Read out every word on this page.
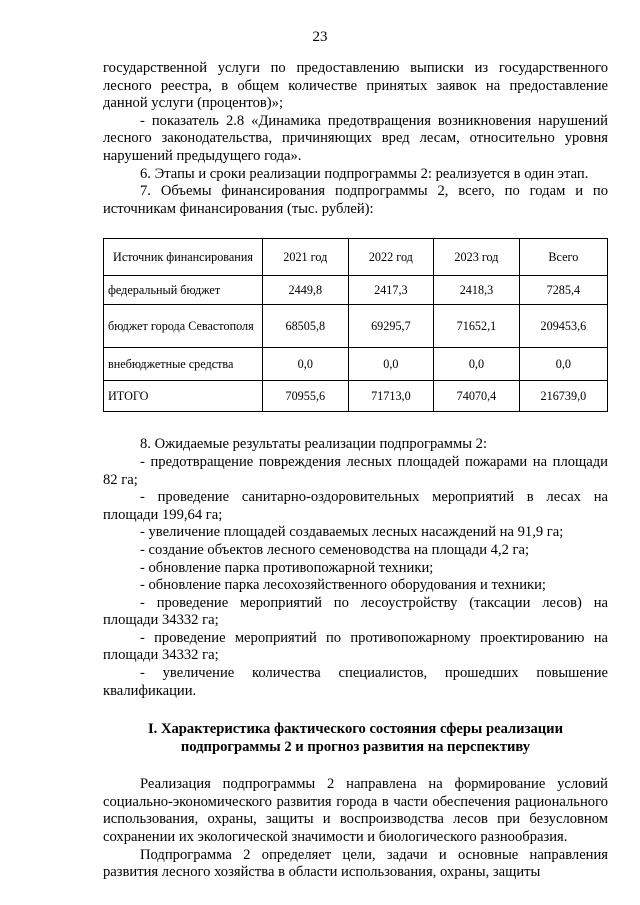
23

государственной услуги по предоставлению выписки из государственного лесного реестра, в общем количестве принятых заявок на предоставление данной услуги (процентов)»;

- показатель 2.8 «Динамика предотвращения возникновения нарушений лесного законодательства, причиняющих вред лесам, относительно уровня нарушений предыдущего года».

6. Этапы и сроки реализации подпрограммы 2: реализуется в один этап.

7. Объемы финансирования подпрограммы 2, всего, по годам и по источникам финансирования (тыс. рублей):

Источник финансирования	2021 год	2022 год	2023 год	Всего
федеральный бюджет	2449,8	2417,3	2418,3	7285,4
бюджет города Севастополя	68505,8	69295,7	71652,1	209453,6
внебюджетные средства	0,0	0,0	0,0	0,0
ИТОГО	70955,6	71713,0	74070,4	216739,0

8. Ожидаемые результаты реализации подпрограммы 2:

- предотвращение повреждения лесных площадей пожарами на площади 82 га;

- проведение санитарно-оздоровительных мероприятий в лесах на площади 199,64 га;

- увеличение площадей создаваемых лесных насаждений на 91,9 га;

- создание объектов лесного семеноводства на площади 4,2 га;

- обновление парка противопожарной техники;

- обновление парка лесохозяйственного оборудования и техники;

- проведение мероприятий по лесоустройству (таксации лесов) на площади 34332 га;

- проведение мероприятий по противопожарному проектированию на площади 34332 га;

- увеличение количества специалистов, прошедших повышение квалификации.

I. Характеристика фактического состояния сферы реализации
подпрограммы 2 и прогноз развития на перспективу

Реализация подпрограммы 2 направлена на формирование условий социально-экономического развития города в части обеспечения рационального использования, охраны, защиты и воспроизводства лесов при безусловном сохранении их экологической значимости и биологического разнообразия.

Подпрограмма 2 определяет цели, задачи и основные направления развития лесного хозяйства в области использования, охраны, защиты
